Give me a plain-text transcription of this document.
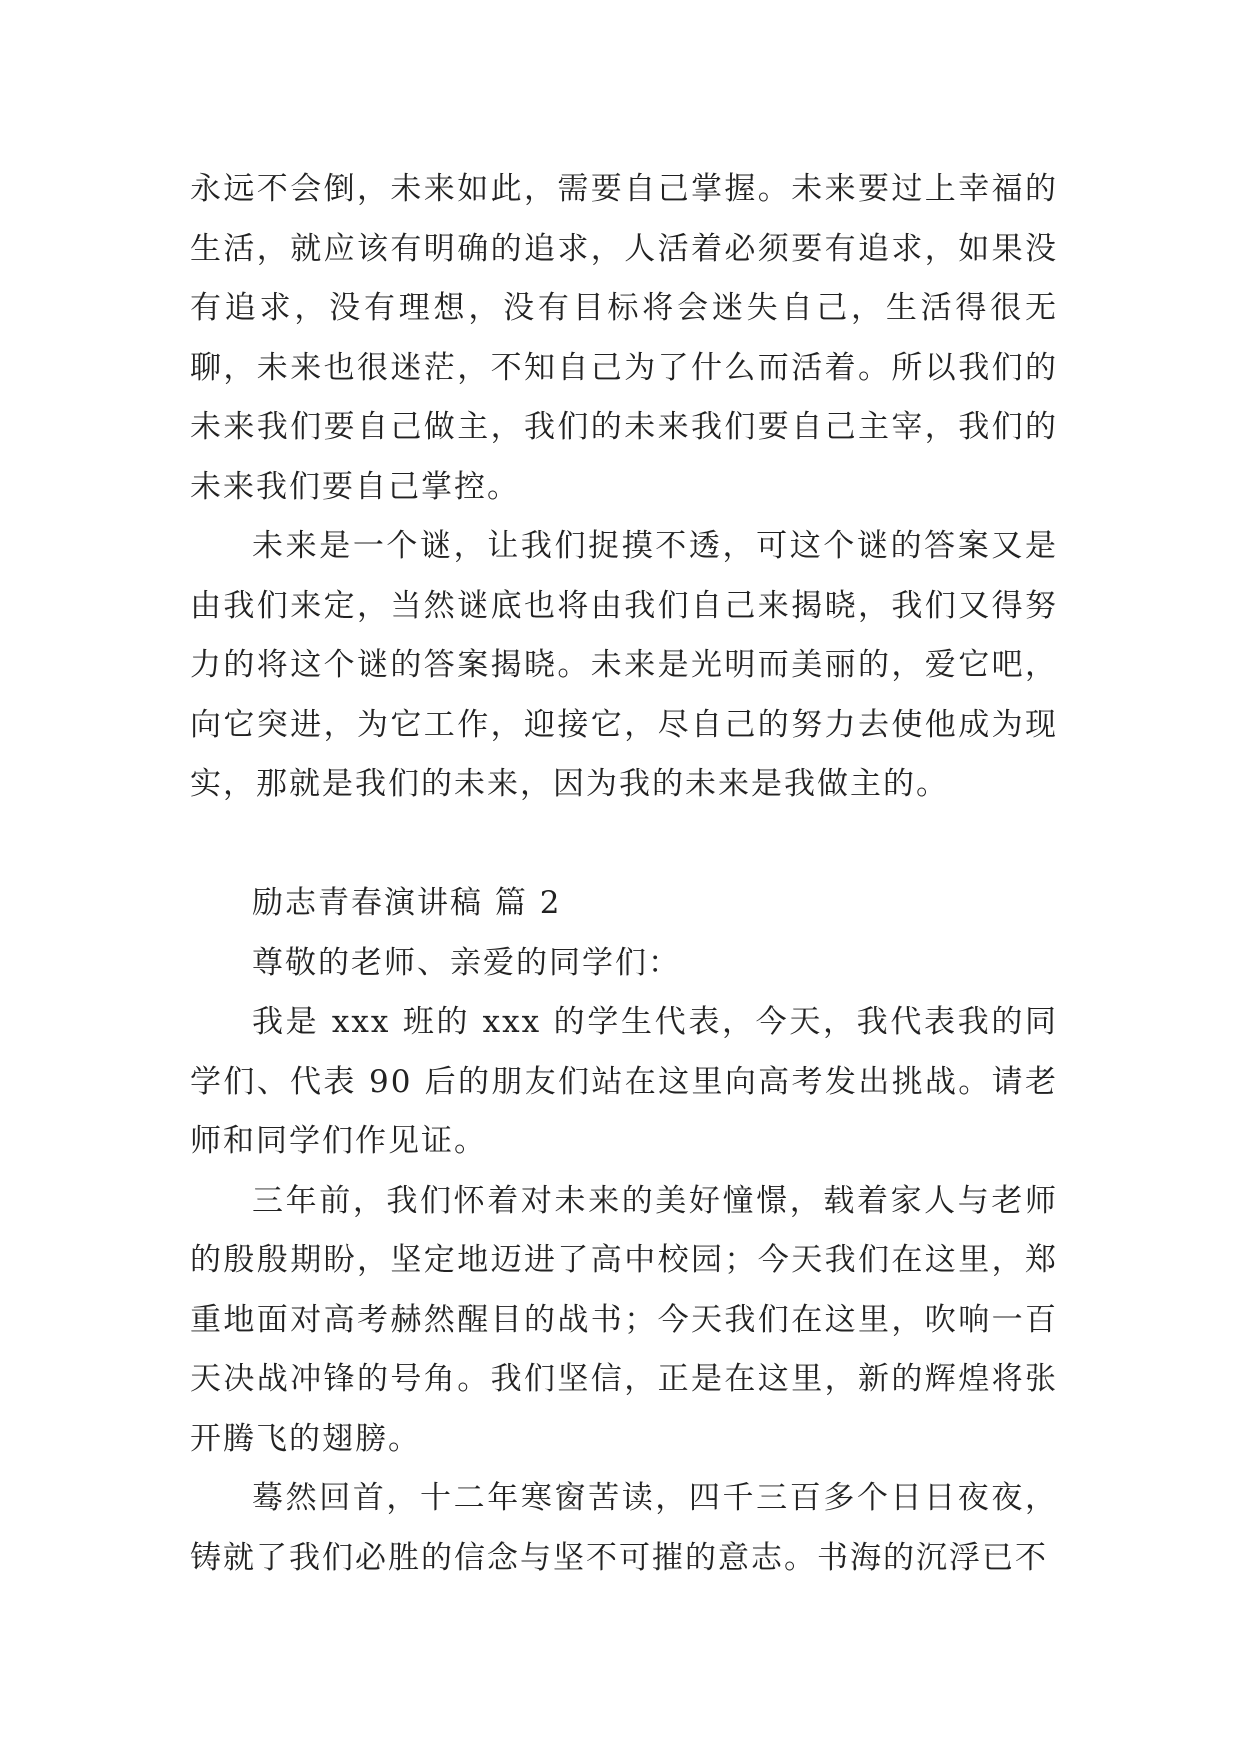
永远不会倒，未来如此，需要自己掌握。未来要过上幸福的生活，就应该有明确的追求，人活着必须要有追求，如果没有追求，没有理想，没有目标将会迷失自己，生活得很无聊，未来也很迷茫，不知自己为了什么而活着。所以我们的未来我们要自己做主，我们的未来我们要自己主宰，我们的未来我们要自己掌控。

未来是一个谜，让我们捉摸不透，可这个谜的答案又是由我们来定，当然谜底也将由我们自己来揭晓，我们又得努力的将这个谜的答案揭晓。未来是光明而美丽的，爱它吧，向它突进，为它工作，迎接它，尽自己的努力去使他成为现实，那就是我们的未来，因为我的未来是我做主的。

励志青春演讲稿 篇 2

尊敬的老师、亲爱的同学们：

我是 xxx 班的 xxx 的学生代表，今天，我代表我的同学们、代表 90 后的朋友们站在这里向高考发出挑战。请老师和同学们作见证。

三年前，我们怀着对未来的美好憧憬，载着家人与老师的殷殷期盼，坚定地迈进了高中校园；今天我们在这里，郑重地面对高考赫然醒目的战书；今天我们在这里，吹响一百天决战冲锋的号角。我们坚信，正是在这里，新的辉煌将张开腾飞的翅膀。

蓦然回首，十二年寒窗苦读，四千三百多个日日夜夜，铸就了我们必胜的信念与坚不可摧的意志。书海的沉浮已不
